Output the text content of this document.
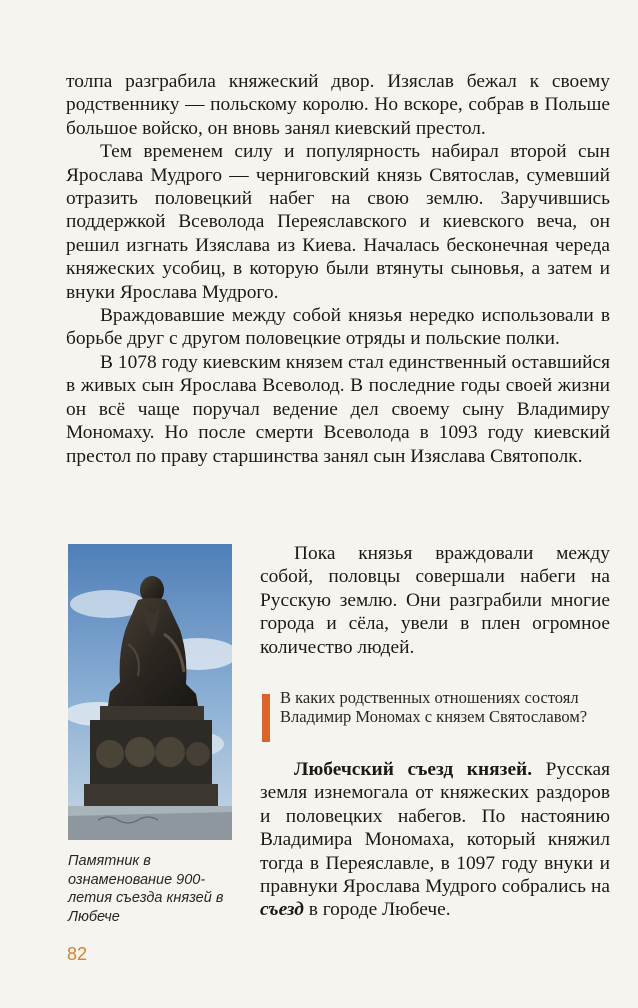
толпа разграбила княжеский двор. Изяслав бежал к своему родственнику — польскому королю. Но вскоре, собрав в Польше большое войско, он вновь занял киевский престол.

Тем временем силу и популярность набирал второй сын Ярослава Мудрого — черниговский князь Святослав, сумевший отразить половецкий набег на свою землю. Заручившись поддержкой Всеволода Переяславского и киевского веча, он решил изгнать Изяслава из Киева. Началась бесконечная череда княжеских усобиц, в которую были втянуты сыновья, а затем и внуки Ярослава Мудрого.

Враждовавшие между собой князья нередко использовали в борьбе друг с другом половецкие отряды и польские полки.

В 1078 году киевским князем стал единственный оставшийся в живых сын Ярослава Всеволод. В последние годы своей жизни он всё чаще поручал ведение дел своему сыну Владимиру Мономаху. Но после смерти Всеволода в 1093 году киевский престол по праву старшинства занял сын Изяслава Святополк.

Памятник в ознаменование 900-летия съезда князей в Любече

Пока князья враждовали между собой, половцы совершали набеги на Русскую землю. Они разграбили многие города и сёла, увели в плен огромное количество людей.

В каких родственных отношениях состоял Владимир Мономах с князем Святославом?

Любечский съезд князей. Русская земля изнемогала от княжеских раздоров и половецких набегов. По настоянию Владимира Мономаха, который княжил тогда в Переяславле, в 1097 году внуки и правнуки Ярослава Мудрого собрались на съезд в городе Любече.

82
